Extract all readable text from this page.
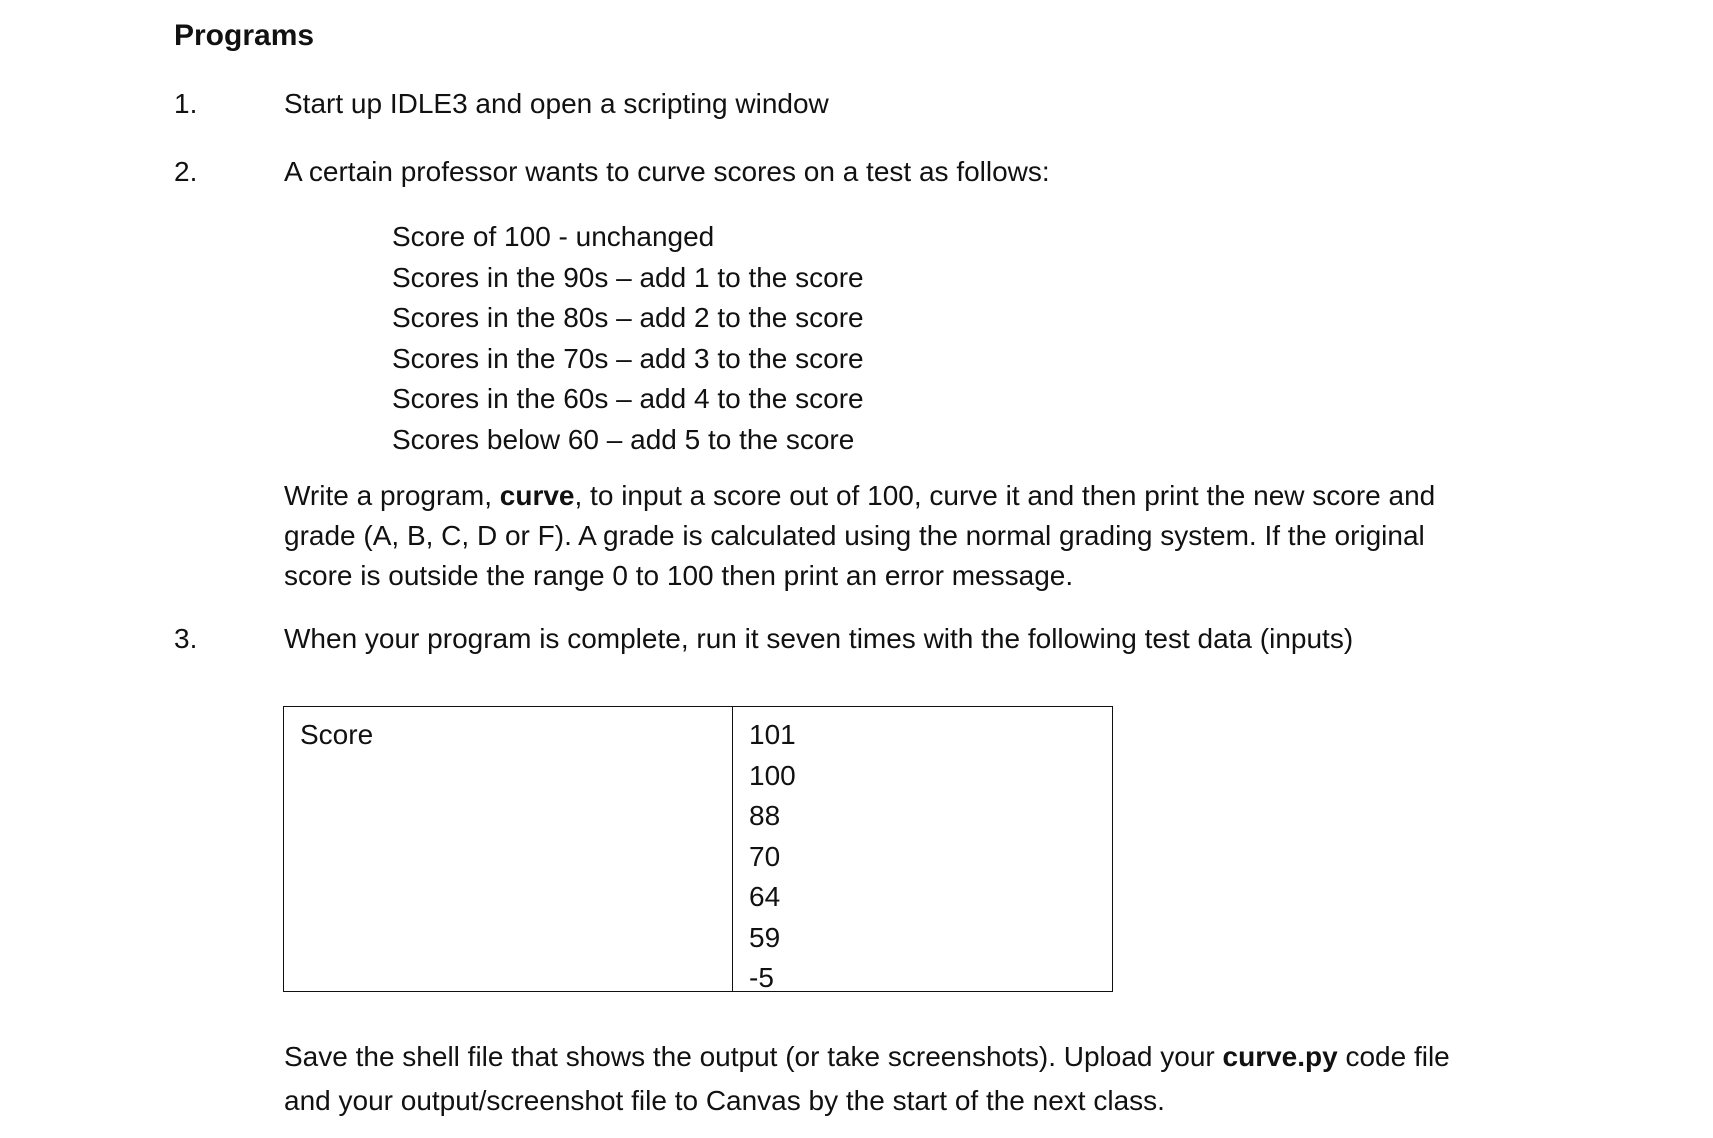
Programs
1.	Start up IDLE3 and open a scripting window
2.	A certain professor wants to curve scores on a test as follows:
Score of 100 - unchanged
Scores in the 90s – add 1 to the score
Scores in the 80s – add 2 to the score
Scores in the 70s – add 3 to the score
Scores in the 60s – add 4 to the score
Scores below 60 – add 5 to the score
Write a program, curve, to input a score out of 100, curve it and then print the new score and
grade (A, B, C, D or F). A grade is calculated using the normal grading system. If the original
score is outside the range 0 to 100 then print an error message.
3.	When your program is complete, run it seven times with the following test data (inputs)
Score	101
100
88
70
64
59
-5
Save the shell file that shows the output (or take screenshots). Upload your curve.py code file
and your output/screenshot file to Canvas by the start of the next class.
